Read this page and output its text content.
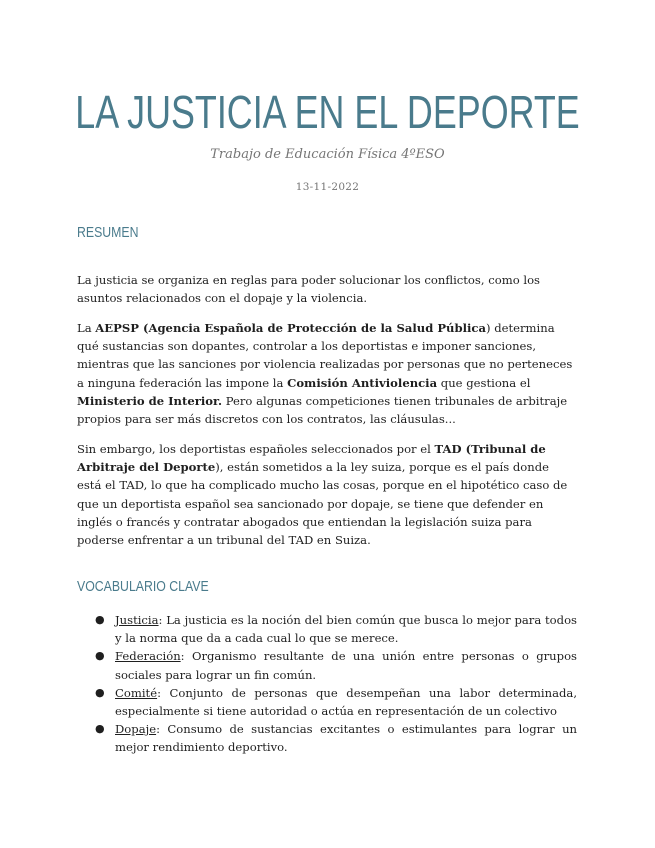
LA JUSTICIA EN EL DEPORTE
Trabajo de Educación Física 4ºESO
13-11-2022
RESUMEN

La justicia se organiza en reglas para poder solucionar los conflictos, como los asuntos relacionados con el dopaje y la violencia.

La AEPSP (Agencia Española de Protección de la Salud Pública) determina qué sustancias son dopantes, controlar a los deportistas e imponer sanciones, mientras que las sanciones por violencia realizadas por personas que no perteneces a ninguna federación las impone la Comisión Antiviolencia que gestiona el Ministerio de Interior. Pero algunas competiciones tienen tribunales de arbitraje propios para ser más discretos con los contratos, las cláusulas...

Sin embargo, los deportistas españoles seleccionados por el TAD (Tribunal de Arbitraje del Deporte), están sometidos a la ley suiza, porque es el país donde está el TAD, lo que ha complicado mucho las cosas, porque en el hipotético caso de que un deportista español sea sancionado por dopaje, se tiene que defender en inglés o francés y contratar abogados que entiendan la legislación suiza para poderse enfrentar a un tribunal del TAD en Suiza.

VOCABULARIO CLAVE
● Justicia: La justicia es la noción del bien común que busca lo mejor para todos y la norma que da a cada cual lo que se merece.
● Federación: Organismo resultante de una unión entre personas o grupos sociales para lograr un fin común.
● Comité: Conjunto de personas que desempeñan una labor determinada, especialmente si tiene autoridad o actúa en representación de un colectivo
● Dopaje: Consumo de sustancias excitantes o estimulantes para lograr un mejor rendimiento deportivo.
